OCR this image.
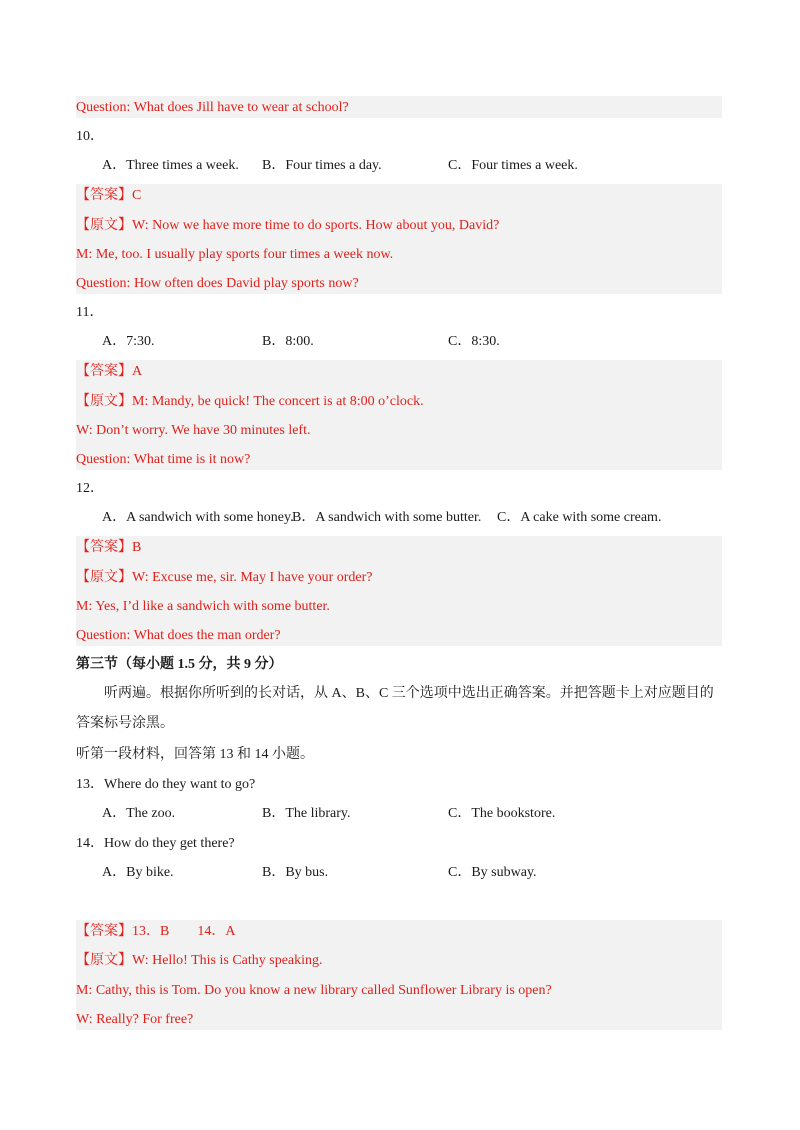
Question: What does Jill have to wear at school?
10．
A．Three times a week. B．Four times a day.	C．Four times a week.
【答案】C
【原文】W: Now we have more time to do sports. How about you, David?
M: Me, too. I usually play sports four times a week now.
Question: How often does David play sports now?
11．
A．7:30.	B．8:00.	C．8:30.
【答案】A
【原文】M: Mandy, be quick! The concert is at 8:00 o’clock.
W: Don’t worry. We have 30 minutes left.
Question: What time is it now?
12．
A．A sandwich with some honey.
B．A sandwich with some butter. C．A cake with some cream.
【答案】B
【原文】W: Excuse me, sir. May I have your order?
M: Yes, I’d like a sandwich with some butter.
Question: What does the man order?
第三节（每小题 1.5 分，共 9 分）
听两遍。根据你所听到的长对话，从 A、B、C 三个选项中选出正确答案。并把答题卡上对应题目的
答案标号涂黑。
听第一段材料，回答第 13 和 14 小题。
13．Where do they want to go?
A．The zoo.	B．The library.	C．The bookstore.
14．How do they get there?
A．By bike.	B．By bus.	C．By subway.
【答案】13．B        14．A
【原文】W: Hello! This is Cathy speaking.
M: Cathy, this is Tom. Do you know a new library called Sunflower Library is open?
W: Really? For free?
